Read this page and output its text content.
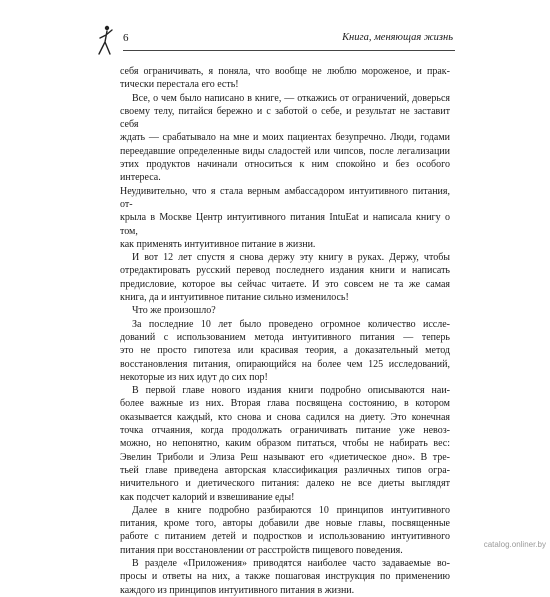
6	Книга, меняющая жизнь

себя ограничивать, я поняла, что вообще не люблю мороженое, и прак-

тически перестала его есть!

Все, о чем было написано в книге, — откажись от ограничений, доверься

своему телу, питайся бережно и с заботой о себе, и результат не заставит себя

ждать — срабатывало на мне и моих пациентах безупречно. Люди, годами

переедавшие определенные виды сладостей или чипсов, после легализации

этих продуктов начинали относиться к ним спокойно и без особого интереса.

Неудивительно, что я стала верным амбассадором интуитивного питания, от-

крыла в Москве Центр интуитивного питания IntuEat и написала книгу о том,

как применять интуитивное питание в жизни.

И вот 12 лет спустя я снова держу эту книгу в руках. Держу, чтобы

отредактировать русский перевод последнего издания книги и написать

предисловие, которое вы сейчас читаете. И это совсем не та же самая

книга, да и интуитивное питание сильно изменилось!

Что же произошло?

За последние 10 лет было проведено огромное количество иссле-

дований с использованием метода интуитивного питания — теперь

это не просто гипотеза или красивая теория, а доказательный метод

восстановления питания, опирающийся на более чем 125 исследований,

некоторые из них идут до сих пор!

В первой главе нового издания книги подробно описываются наи-

более важные из них. Вторая глава посвящена состоянию, в котором

оказывается каждый, кто снова и снова садился на диету. Это конечная

точка отчаяния, когда продолжать ограничивать питание уже невоз-

можно, но непонятно, каким образом питаться, чтобы не набирать вес:

Эвелин Триболи и Элиза Реш называют его «диетическое дно». В тре-

тьей главе приведена авторская классификация различных типов огра-

ничительного и диетического питания: далеко не все диеты выглядят

как подсчет калорий и взвешивание еды!

Далее в книге подробно разбираются 10 принципов интуитивного

питания, кроме того, авторы добавили две новые главы, посвященные

работе с питанием детей и подростков и использованию интуитивного

питания при восстановлении от расстройств пищевого поведения.

В разделе «Приложения» приводятся наиболее часто задаваемые во-

просы и ответы на них, а также пошаговая инструкция по применению

каждого из принципов интуитивного питания в жизни.

catalog.onliner.by
